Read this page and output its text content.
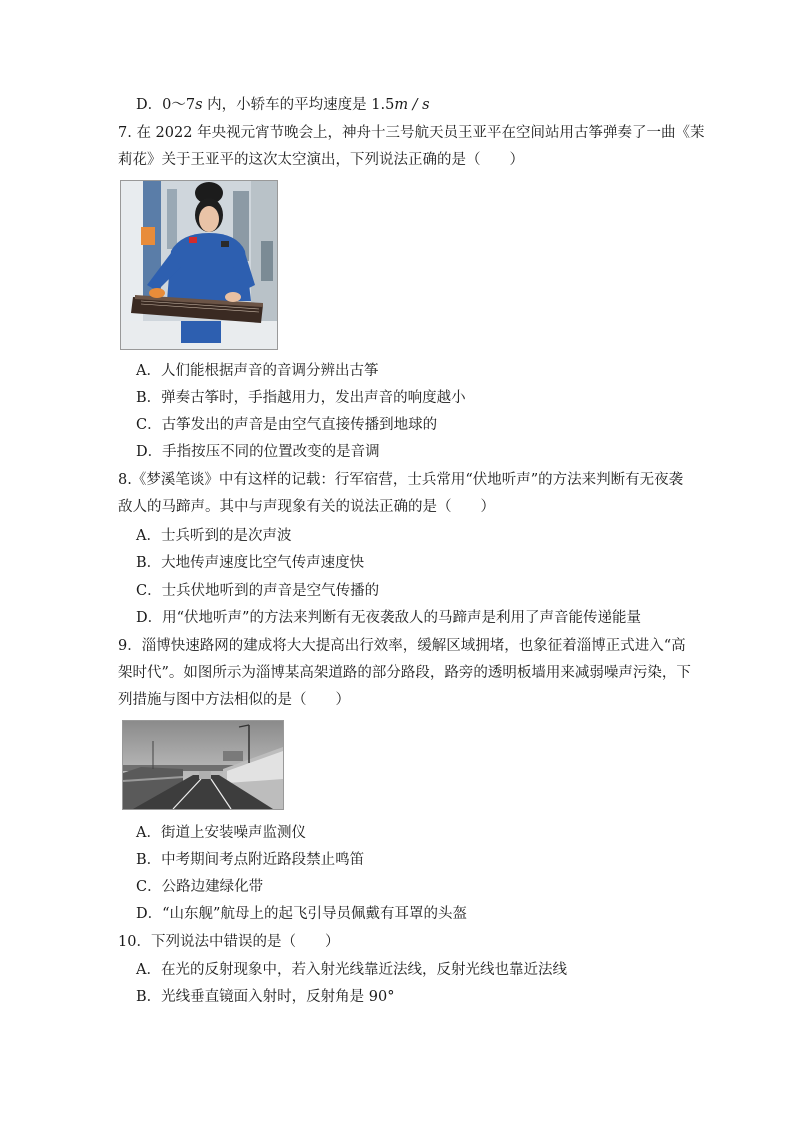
D．0～7s 内，小轿车的平均速度是 1.5m / s
7. 在 2022 年央视元宵节晚会上，神舟十三号航天员王亚平在空间站用古筝弹奏了一曲《茉
莉花》关于王亚平的这次太空演出，下列说法正确的是（　　）
A．人们能根据声音的音调分辨出古筝
B．弹奏古筝时，手指越用力，发出声音的响度越小
C．古筝发出的声音是由空气直接传播到地球的
D．手指按压不同的位置改变的是音调
8.《梦溪笔谈》中有这样的记载：行军宿营，士兵常用“伏地听声”的方法来判断有无夜袭
敌人的马蹄声。其中与声现象有关的说法正确的是（　　）
A．士兵听到的是次声波
B．大地传声速度比空气传声速度快
C．士兵伏地听到的声音是空气传播的
D．用“伏地听声”的方法来判断有无夜袭敌人的马蹄声是利用了声音能传递能量
9．淄博快速路网的建成将大大提高出行效率，缓解区域拥堵，也象征着淄博正式进入“高
架时代”。如图所示为淄博某高架道路的部分路段，路旁的透明板墙用来减弱噪声污染，下
列措施与图中方法相似的是（　　）
A．街道上安装噪声监测仪
B．中考期间考点附近路段禁止鸣笛
C．公路边建绿化带
D．“山东舰”航母上的起飞引导员佩戴有耳罩的头盔
10．下列说法中错误的是（　　）
A．在光的反射现象中，若入射光线靠近法线，反射光线也靠近法线
B．光线垂直镜面入射时，反射角是 90°
